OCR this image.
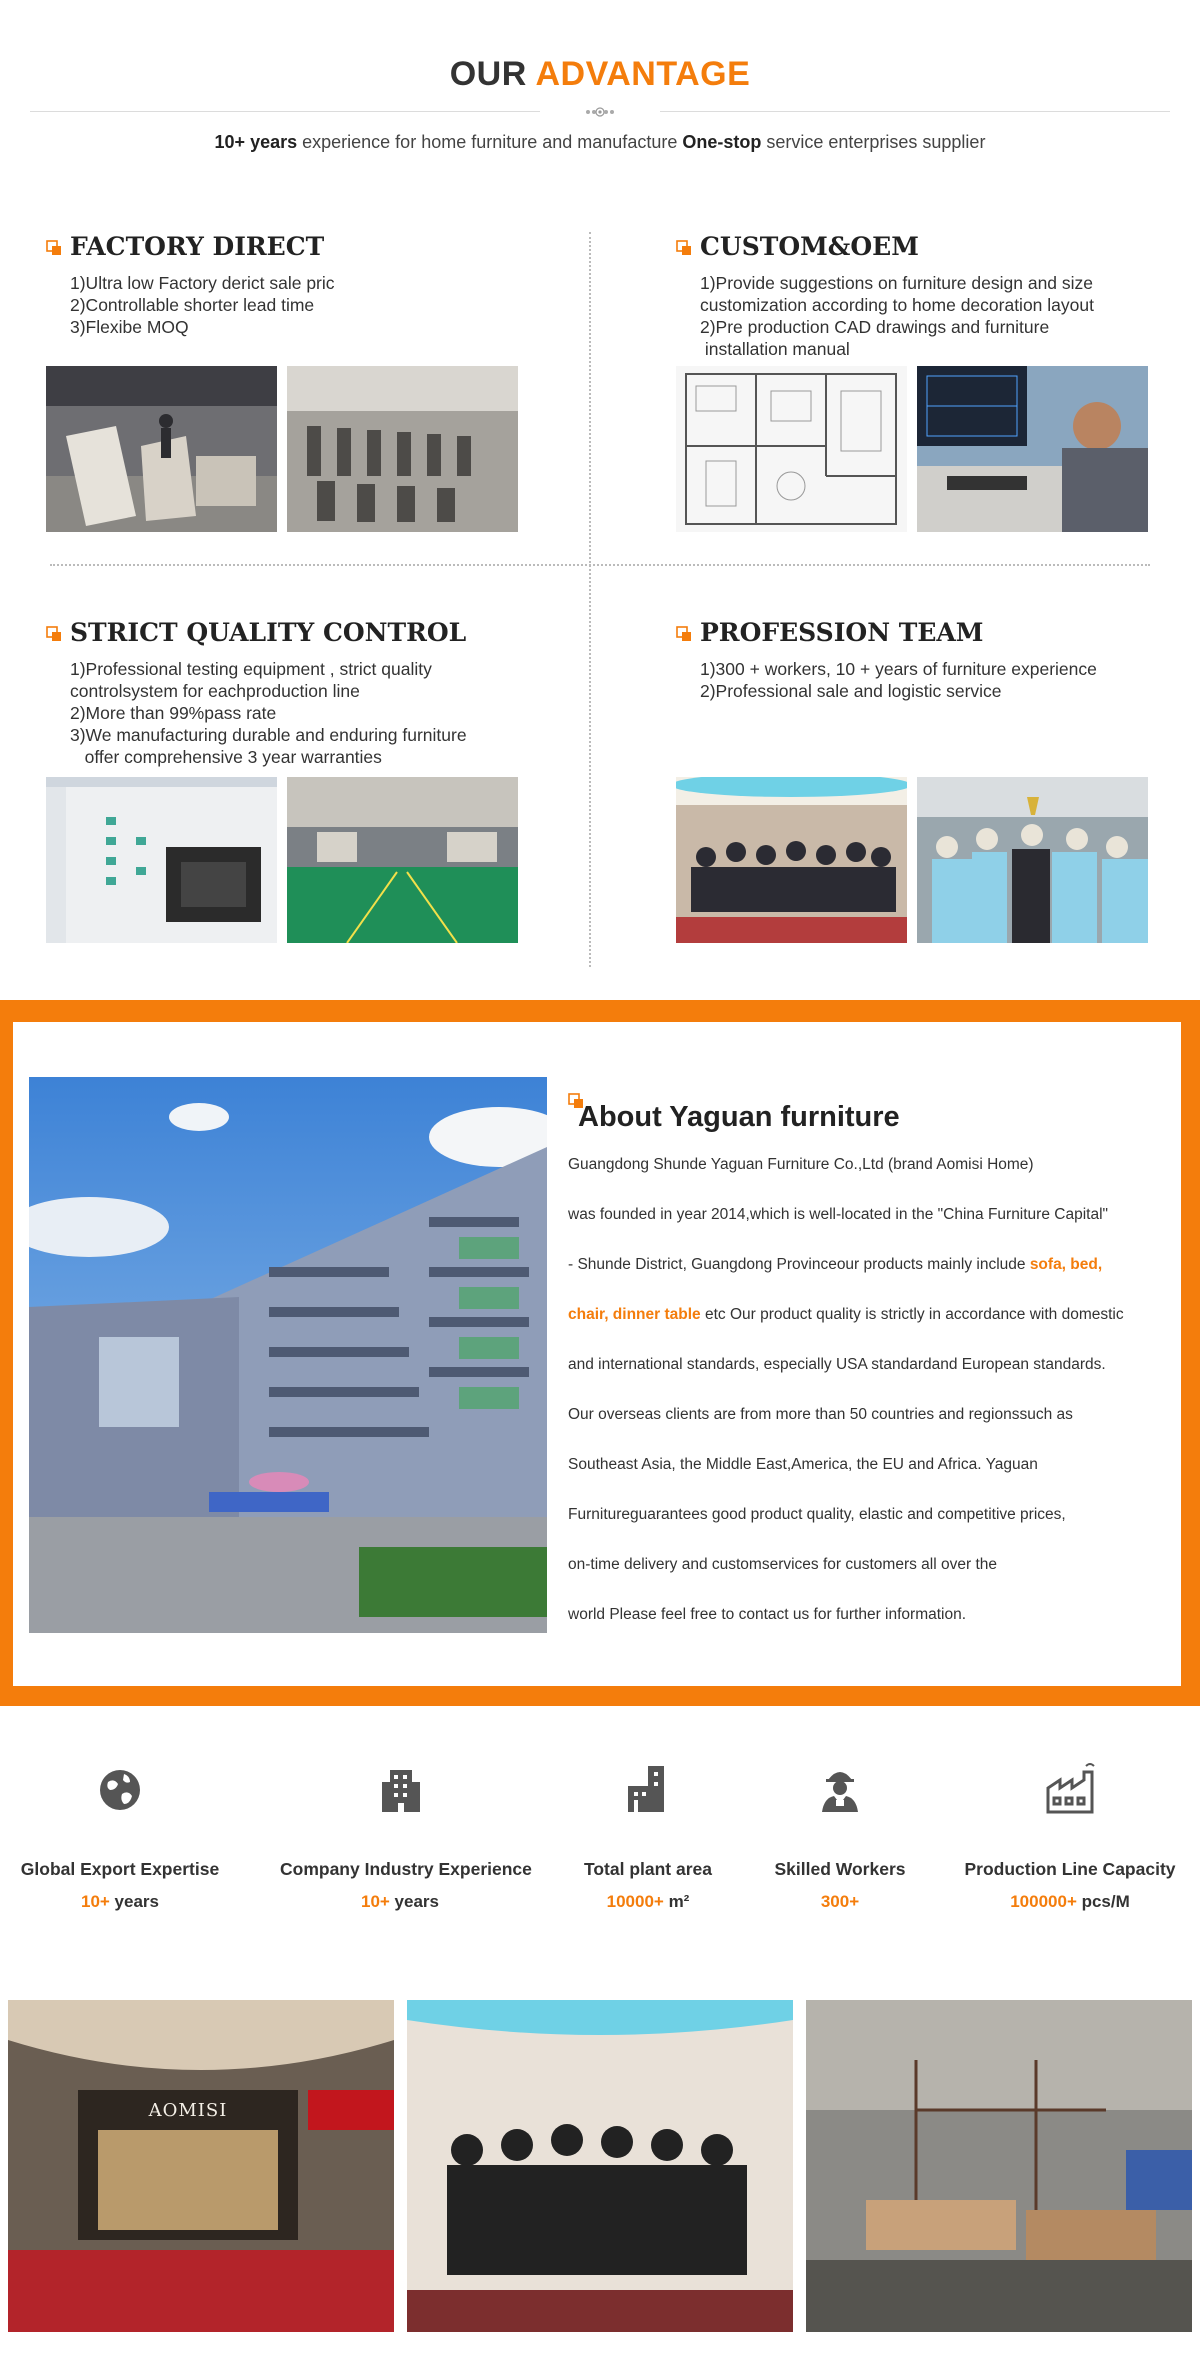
OUR ADVANTAGE
10+ years experience for home furniture and manufacture One-stop service enterprises supplier
FACTORY DIRECT
1)Ultra low Factory derict sale pric
2)Controllable shorter lead time
3)Flexibe MOQ
CUSTOM&OEM
1)Provide suggestions on furniture design and size
customization according to home decoration layout
2)Pre production CAD drawings and furniture
installation manual
STRICT QUALITY CONTROL
1)Professional testing equipment , strict quality
controlsystem for eachproduction line
2)More than 99%pass rate
3)We manufacturing durable and enduring furniture
offer comprehensive 3 year warranties
PROFESSION TEAM
1)300 + workers, 10 + years of furniture experience
2)Professional sale and logistic service
About Yaguan furniture
Guangdong Shunde Yaguan Furniture Co.,Ltd (brand Aomisi Home)
was founded in year 2014,which is well-located in the "China Furniture Capital"
- Shunde District, Guangdong Provinceour products mainly include sofa, bed,
chair, dinner table etc Our product quality is strictly in accordance with domestic
and international standards, especially USA standardand European standards.
Our overseas clients are from more than 50 countries and regionssuch as
Southeast Asia, the Middle East,America, the EU and Africa. Yaguan
Furnitureguarantees good product quality, elastic and competitive prices,
on-time delivery and customservices for customers all over the
world Please feel free to contact us for further information.
Global Export Expertise
10+ years
Company Industry Experience
10+ years
Total plant area
10000+ m²
Skilled Workers
300+
Production Line Capacity
100000+ pcs/M
AOMISI
